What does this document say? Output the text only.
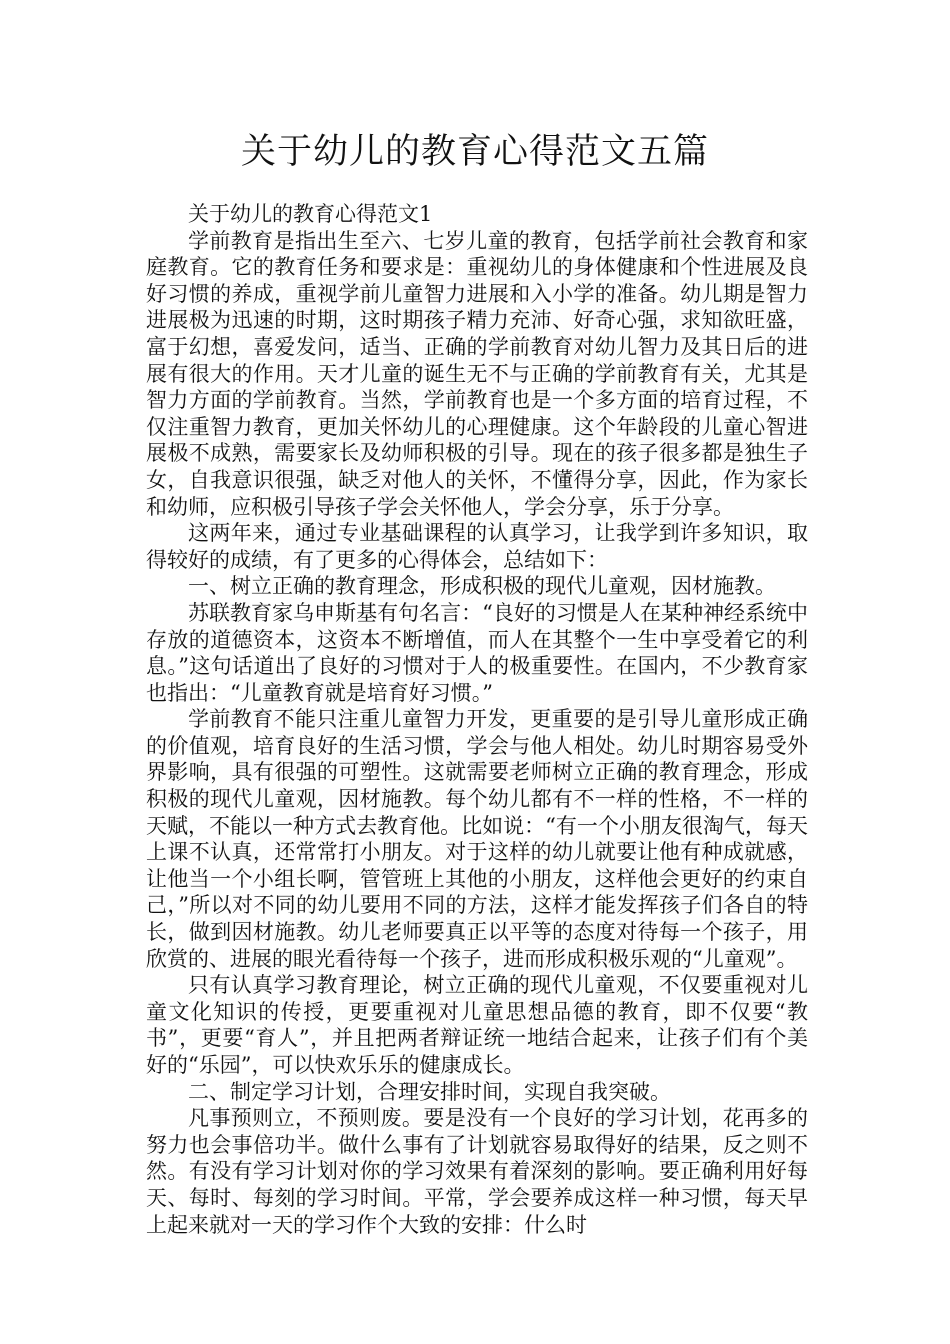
关于幼儿的教育心得范文五篇

关于幼儿的教育心得范文1

学前教育是指出生至六、七岁儿童的教育，包括学前社会教育和家庭教育。它的教育任务和要求是：重视幼儿的身体健康和个性进展及良好习惯的养成，重视学前儿童智力进展和入小学的准备。幼儿期是智力进展极为迅速的时期，这时期孩子精力充沛、好奇心强，求知欲旺盛，富于幻想，喜爱发问，适当、正确的学前教育对幼儿智力及其日后的进展有很大的作用。天才儿童的诞生无不与正确的学前教育有关，尤其是智力方面的学前教育。当然，学前教育也是一个多方面的培育过程，不仅注重智力教育，更加关怀幼儿的心理健康。这个年龄段的儿童心智进展极不成熟，需要家长及幼师积极的引导。现在的孩子很多都是独生子女，自我意识很强，缺乏对他人的关怀，不懂得分享，因此，作为家长和幼师，应积极引导孩子学会关怀他人，学会分享，乐于分享。

这两年来，通过专业基础课程的认真学习，让我学到许多知识，取得较好的成绩，有了更多的心得体会，总结如下：

一、树立正确的教育理念，形成积极的现代儿童观，因材施教。

苏联教育家乌申斯基有句名言：“良好的习惯是人在某种神经系统中存放的道德资本，这资本不断增值，而人在其整个一生中享受着它的利息。”这句话道出了良好的习惯对于人的极重要性。在国内，不少教育家也指出：“儿童教育就是培育好习惯。”

学前教育不能只注重儿童智力开发，更重要的是引导儿童形成正确的价值观，培育良好的生活习惯，学会与他人相处。幼儿时期容易受外界影响，具有很强的可塑性。这就需要老师树立正确的教育理念，形成积极的现代儿童观，因材施教。每个幼儿都有不一样的性格，不一样的天赋，不能以一种方式去教育他。比如说：“有一个小朋友很淘气，每天上课不认真，还常常打小朋友。对于这样的幼儿就要让他有种成就感，让他当一个小组长啊，管管班上其他的小朋友，这样他会更好的约束自己，”所以对不同的幼儿要用不同的方法，这样才能发挥孩子们各自的特长，做到因材施教。幼儿老师要真正以平等的态度对待每一个孩子，用欣赏的、进展的眼光看待每一个孩子，进而形成积极乐观的“儿童观”。

只有认真学习教育理论，树立正确的现代儿童观，不仅要重视对儿童文化知识的传授，更要重视对儿童思想品德的教育，即不仅要“教书”，更要“育人”，并且把两者辩证统一地结合起来，让孩子们有个美好的“乐园”，可以快欢乐乐的健康成长。

二、制定学习计划，合理安排时间，实现自我突破。

凡事预则立，不预则废。要是没有一个良好的学习计划，花再多的努力也会事倍功半。做什么事有了计划就容易取得好的结果，反之则不然。有没有学习计划对你的学习效果有着深刻的影响。要正确利用好每天、每时、每刻的学习时间。平常，学会要养成这样一种习惯，每天早上起来就对一天的学习作个大致的安排：什么时
